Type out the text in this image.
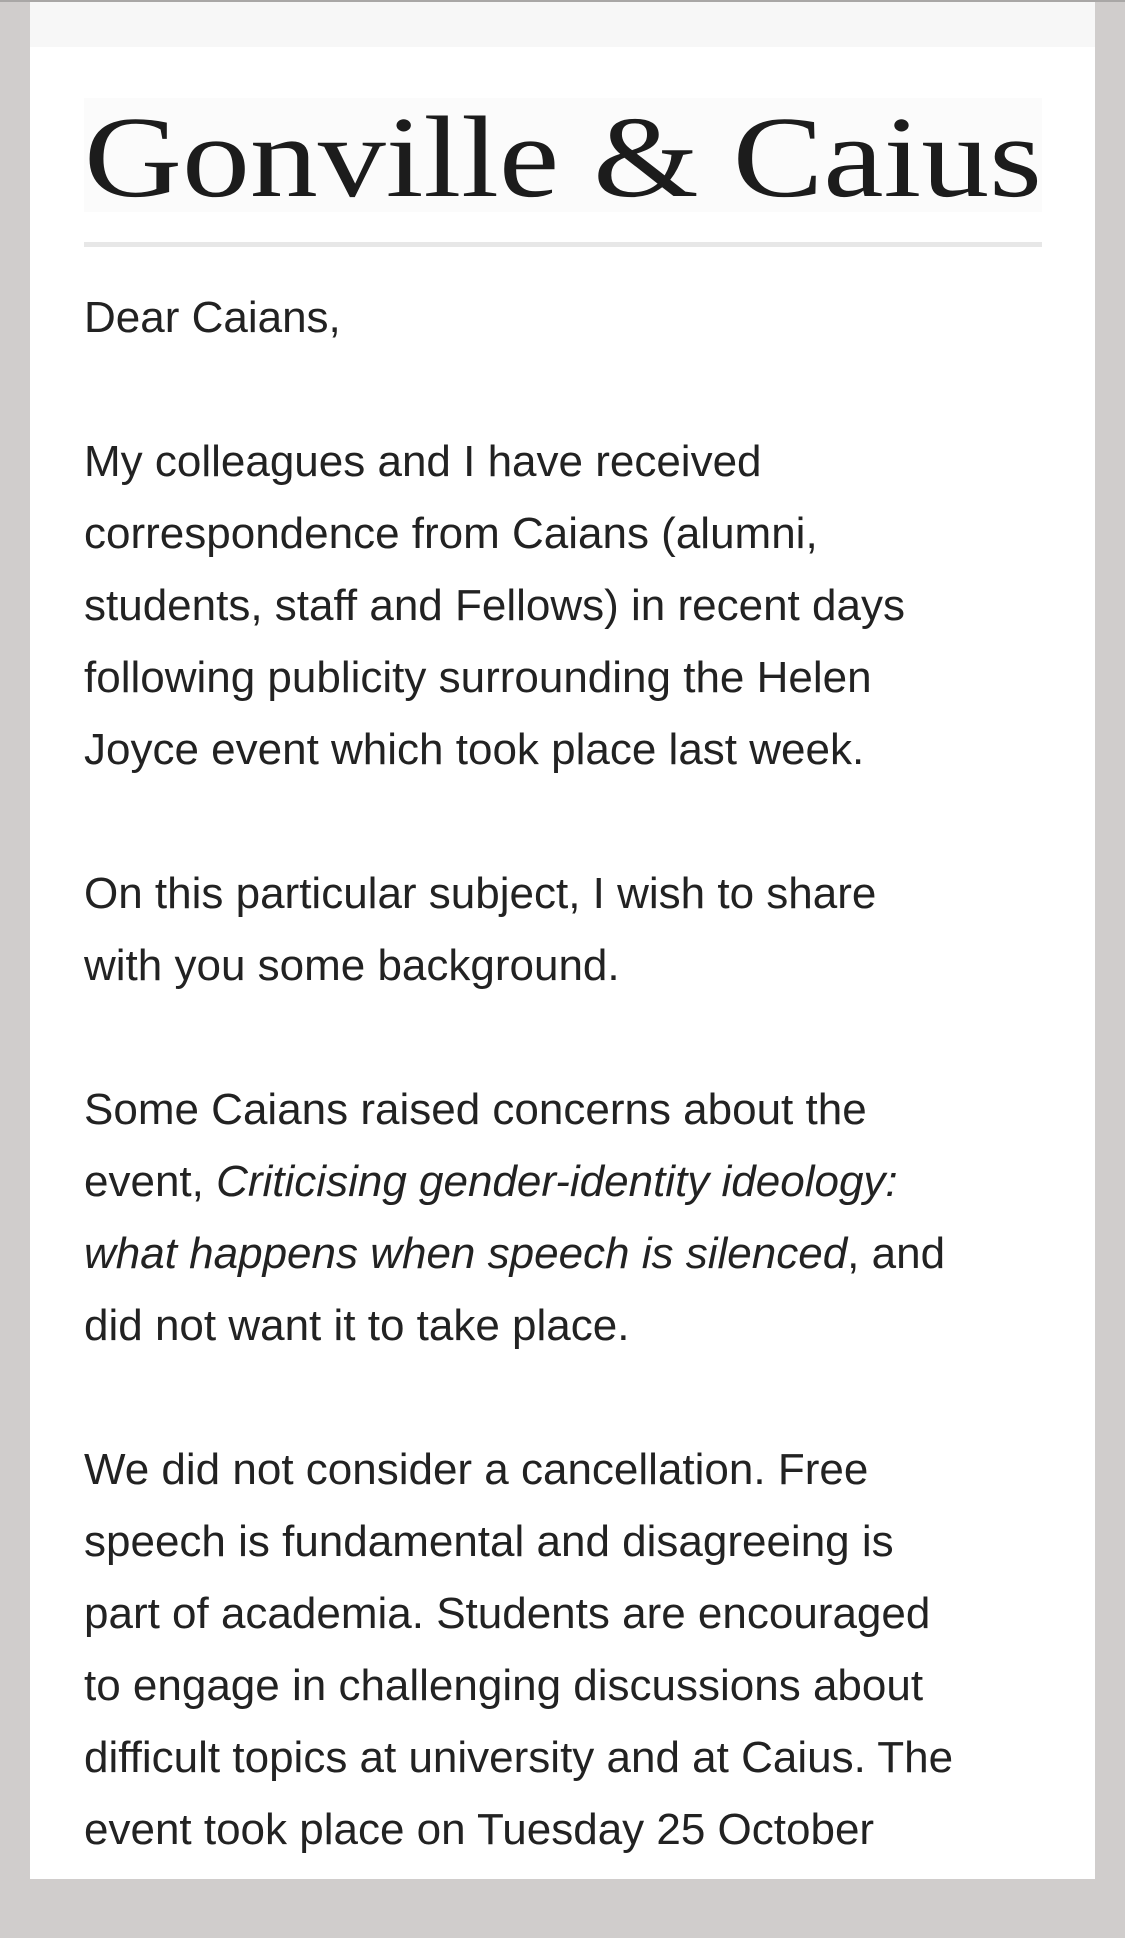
Gonville & Caius

Dear Caians,

My colleagues and I have received
correspondence from Caians (alumni,
students, staff and Fellows) in recent days
following publicity surrounding the Helen
Joyce event which took place last week.

On this particular subject, I wish to share
with you some background.

Some Caians raised concerns about the
event, Criticising gender-identity ideology:
what happens when speech is silenced, and
did not want it to take place.

We did not consider a cancellation. Free
speech is fundamental and disagreeing is
part of academia. Students are encouraged
to engage in challenging discussions about
difficult topics at university and at Caius. The
event took place on Tuesday 25 October
